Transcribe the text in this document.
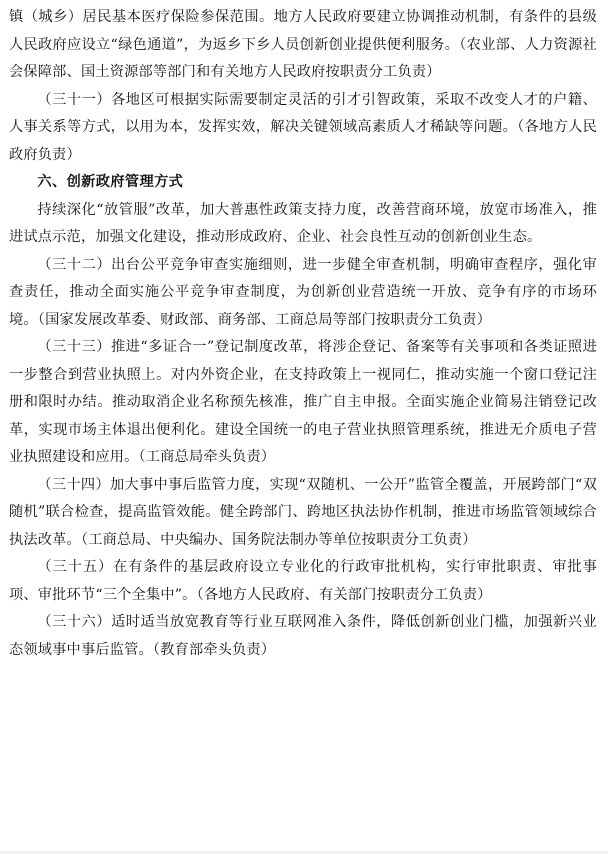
镇（城乡）居民基本医疗保险参保范围。地方人民政府要建立协调推动机制，有条件的县级人民政府应设立“绿色通道”，为返乡下乡人员创新创业提供便利服务。（农业部、人力资源社会保障部、国土资源部等部门和有关地方人民政府按职责分工负责）

（三十一）各地区可根据实际需要制定灵活的引才引智政策，采取不改变人才的户籍、人事关系等方式，以用为本，发挥实效，解决关键领域高素质人才稀缺等问题。（各地方人民政府负责）

六、创新政府管理方式

持续深化“放管服”改革，加大普惠性政策支持力度，改善营商环境，放宽市场准入，推进试点示范，加强文化建设，推动形成政府、企业、社会良性互动的创新创业生态。

（三十二）出台公平竞争审查实施细则，进一步健全审查机制，明确审查程序，强化审查责任，推动全面实施公平竞争审查制度，为创新创业营造统一开放、竞争有序的市场环境。（国家发展改革委、财政部、商务部、工商总局等部门按职责分工负责）

（三十三）推进“多证合一”登记制度改革，将涉企登记、备案等有关事项和各类证照进一步整合到营业执照上。对内外资企业，在支持政策上一视同仁，推动实施一个窗口登记注册和限时办结。推动取消企业名称预先核准，推广自主申报。全面实施企业简易注销登记改革，实现市场主体退出便利化。建设全国统一的电子营业执照管理系统，推进无介质电子营业执照建设和应用。（工商总局牵头负责）

（三十四）加大事中事后监管力度，实现“双随机、一公开”监管全覆盖，开展跨部门“双随机”联合检查，提高监管效能。健全跨部门、跨地区执法协作机制，推进市场监管领域综合执法改革。（工商总局、中央编办、国务院法制办等单位按职责分工负责）

（三十五）在有条件的基层政府设立专业化的行政审批机构，实行审批职责、审批事项、审批环节“三个全集中”。（各地方人民政府、有关部门按职责分工负责）

（三十六）适时适当放宽教育等行业互联网准入条件，降低创新创业门槛，加强新兴业态领域事中事后监管。（教育部牵头负责）
